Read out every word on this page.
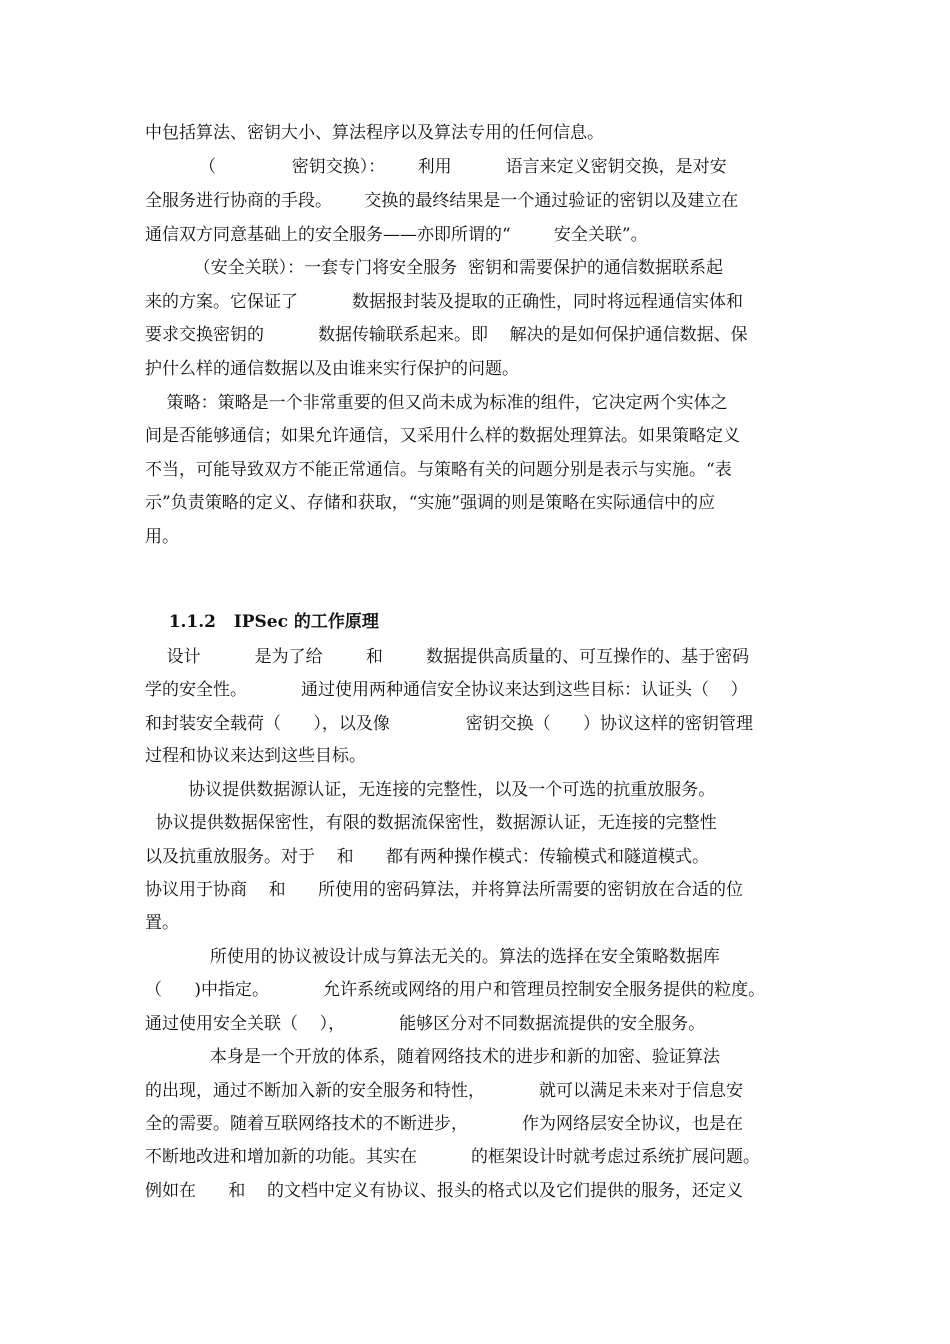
中包括算法、密钥大小、算法程序以及算法专用的任何信息。
（              密钥交换）：      利用          语言来定义密钥交换，是对安
全服务进行协商的手段。      交换的最终结果是一个通过验证的密钥以及建立在
通信双方同意基础上的安全服务——亦即所谓的“        安全关联”。
（安全关联）：一套专门将安全服务  密钥和需要保护的通信数据联系起
来的方案。它保证了          数据报封装及提取的正确性，同时将远程通信实体和
要求交换密钥的          数据传输联系起来。即    解决的是如何保护通信数据、保
护什么样的通信数据以及由谁来实行保护的问题。
策略：策略是一个非常重要的但又尚未成为标准的组件，它决定两个实体之
间是否能够通信；如果允许通信，又采用什么样的数据处理算法。如果策略定义
不当，可能导致双方不能正常通信。与策略有关的问题分别是表示与实施。“表
示”负责策略的定义、存储和获取，“实施”强调的则是策略在实际通信中的应
用。

1.1.2 IPSec 的工作原理

设计          是为了给        和        数据提供高质量的、可互操作的、基于密码
学的安全性。          通过使用两种通信安全协议来达到这些目标：认证头（    ）
和封装安全载荷（      ），以及像              密钥交换（      ）协议这样的密钥管理
过程和协议来达到这些目标。
协议提供数据源认证，无连接的完整性，以及一个可选的抗重放服务。
协议提供数据保密性，有限的数据流保密性，数据源认证，无连接的完整性
以及抗重放服务。对于    和      都有两种操作模式：传输模式和隧道模式。
协议用于协商    和      所使用的密码算法，并将算法所需要的密钥放在合适的位
置。
所使用的协议被设计成与算法无关的。算法的选择在安全策略数据库
（      )中指定。          允许系统或网络的用户和管理员控制安全服务提供的粒度。
通过使用安全关联（    ），          能够区分对不同数据流提供的安全服务。
本身是一个开放的体系，随着网络技术的进步和新的加密、验证算法
的出现，通过不断加入新的安全服务和特性，          就可以满足未来对于信息安
全的需要。随着互联网络技术的不断进步，          作为网络层安全协议，也是在
不断地改进和增加新的功能。其实在          的框架设计时就考虑过系统扩展问题。
例如在      和    的文档中定义有协议、报头的格式以及它们提供的服务，还定义
